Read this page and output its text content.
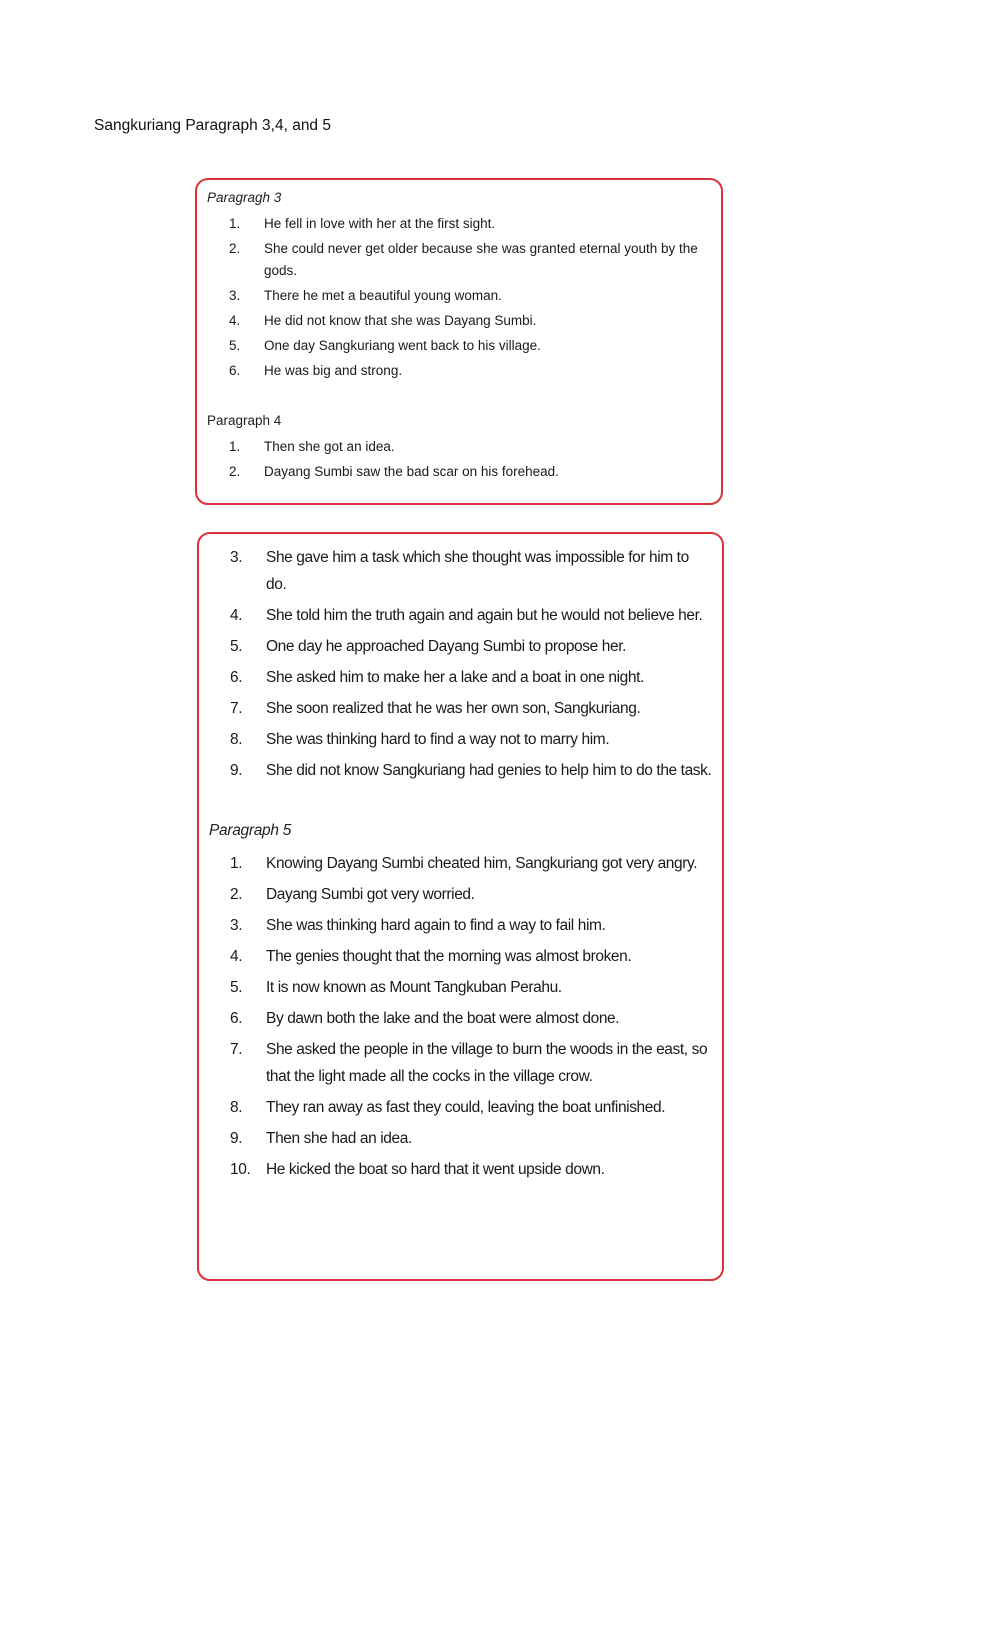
Sangkuriang Paragraph 3,4, and 5
Paragragh 3
1. He fell in love with her at the first sight.
2. She could never get older because she was granted eternal youth by the gods.
3. There he met a beautiful young woman.
4. He did not know that she was Dayang Sumbi.
5. One day Sangkuriang went back to his village.
6. He was big and strong.
Paragraph 4
1. Then she got an idea.
2. Dayang Sumbi saw the bad scar on his forehead.
3. She gave him a task which she thought was impossible for him to do.
4. She told him the truth again and again but he would not believe her.
5. One day he approached Dayang Sumbi to propose her.
6. She asked him to make her a lake and a boat in one night.
7. She soon realized that he was her own son, Sangkuriang.
8. She was thinking hard to find a way not to marry him.
9. She did not know Sangkuriang had genies to help him to do the task.
Paragraph 5
1. Knowing Dayang Sumbi cheated him, Sangkuriang got very angry.
2. Dayang Sumbi got very worried.
3. She was thinking hard again to find a way to fail him.
4. The genies thought that the morning was almost broken.
5. It is now known as Mount Tangkuban Perahu.
6. By dawn both the lake and the boat were almost done.
7. She asked the people in the village to burn the woods in the east, so that the light made all the cocks in the village crow.
8. They ran away as fast they could, leaving the boat unfinished.
9. Then she had an idea.
10. He kicked the boat so hard that it went upside down.
